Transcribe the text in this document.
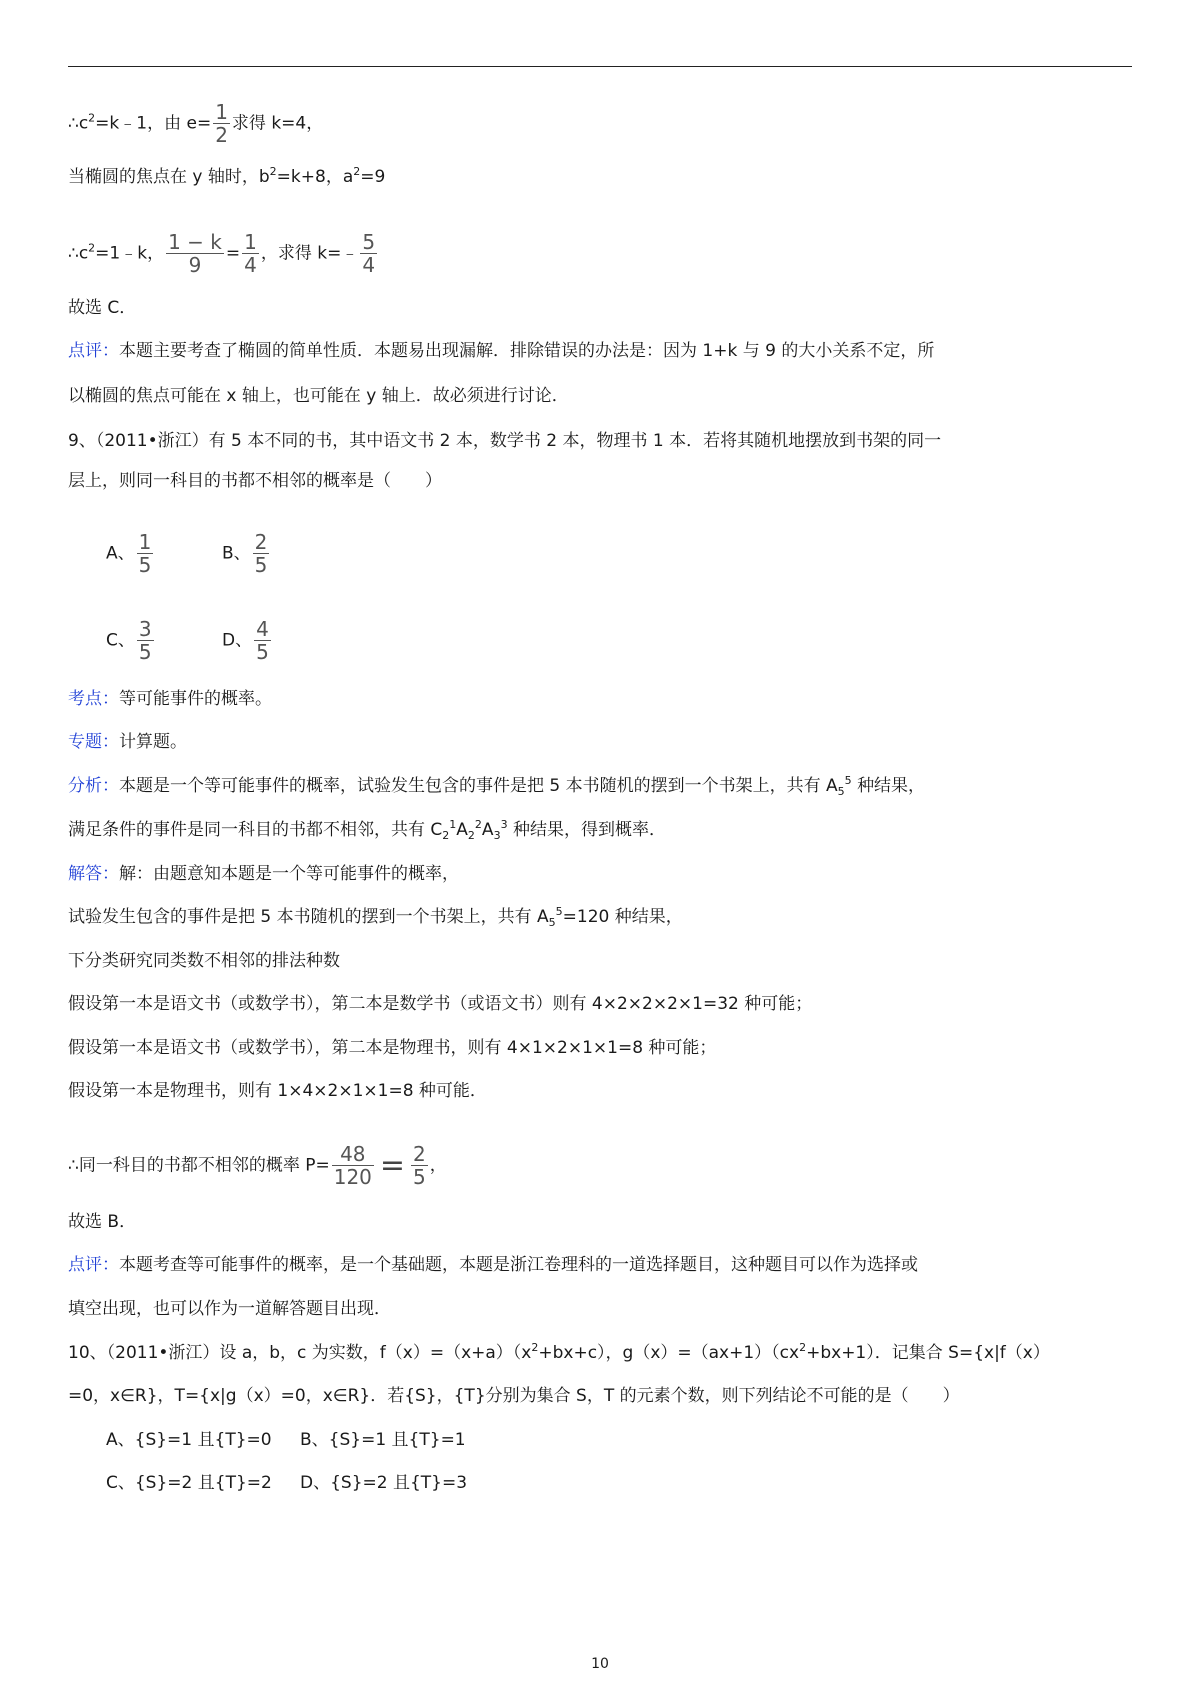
$\therefore c^2=k﹣1$，由 $e= \frac{1}{2}$ 求得 k=4，
当椭圆的焦点在 y 轴时，$b^2=k+8$，$a^2=9$
$\therefore c^2=1﹣k$， $\frac{1 - k}{9} = \frac{1}{4}$ ，求得 k=﹣ $\frac{5}{4}$
故选 C．
点评：本题主要考查了椭圆的简单性质．本题易出现漏解．排除错误的办法是：因为 1+k 与 9 的大小关系不定，所
以椭圆的焦点可能在 x 轴上，也可能在 y 轴上．故必须进行讨论．
9、（2011•浙江）有 5 本不同的书，其中语文书 2 本，数学书 2 本，物理书 1 本．若将其随机地摆放到书架的同一
层上，则同一科目的书都不相邻的概率是（　　）
A、 $\frac{1}{5}$	B、 $\frac{2}{5}$
C、 $\frac{3}{5}$	D、 $\frac{4}{5}$
考点：等可能事件的概率。
专题：计算题。
分析：本题是一个等可能事件的概率，试验发生包含的事件是把 5 本书随机的摆到一个书架上，共有 $A_5^5$ 种结果，
满足条件的事件是同一科目的书都不相邻，共有 $C_2^1A_2^2A_3^3$ 种结果，得到概率．
解答：解：由题意知本题是一个等可能事件的概率，
试验发生包含的事件是把 5 本书随机的摆到一个书架上，共有 $A_5^5=120$ 种结果，
下分类研究同类数不相邻的排法种数
假设第一本是语文书（或数学书），第二本是数学书（或语文书）则有 4×2×2×2×1=32 种可能；
假设第一本是语文书（或数学书），第二本是物理书，则有 4×1×2×1×1=8 种可能；
假设第一本是物理书，则有 1×4×2×1×1=8 种可能．
∴同一科目的书都不相邻的概率 $P= \frac{48}{120} = \frac{2}{5}$ ，
故选 B．
点评：本题考查等可能事件的概率，是一个基础题，本题是浙江卷理科的一道选择题目，这种题目可以作为选择或
填空出现，也可以作为一道解答题目出现．
10、（2011•浙江）设 a，b，c 为实数，$f(x)=(x+a)(x^2+bx+c)$，$g(x)=(ax+1)(cx^2+bx+1)$．记集合 S={x|f（x）
=0，x∈R}，T={x|g（x）=0，x∈R}．若{S}，{T}分别为集合 S，T 的元素个数，则下列结论不可能的是（　　）
A、{S}=1 且{T}=0 B、{S}=1 且{T}=1
C、{S}=2 且{T}=2 D、{S}=2 且{T}=3
10
